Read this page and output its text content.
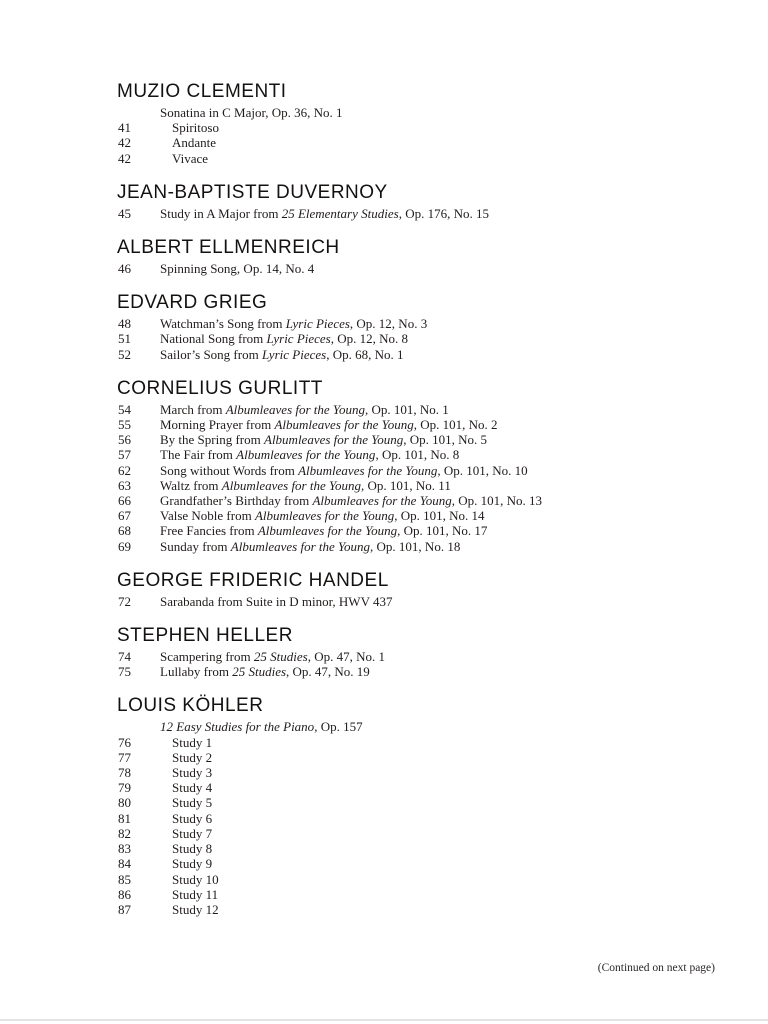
MUZIO CLEMENTI
Sonatina in C Major, Op. 36, No. 1
41	Spiritoso
42	Andante
42	Vivace
JEAN-BAPTISTE DUVERNOY
45	Study in A Major from 25 Elementary Studies, Op. 176, No. 15
ALBERT ELLMENREICH
46	Spinning Song, Op. 14, No. 4
EDVARD GRIEG
48	Watchman’s Song from Lyric Pieces, Op. 12, No. 3
51	National Song from Lyric Pieces, Op. 12, No. 8
52	Sailor’s Song from Lyric Pieces, Op. 68, No. 1
CORNELIUS GURLITT
54	March from Albumleaves for the Young, Op. 101, No. 1
55	Morning Prayer from Albumleaves for the Young, Op. 101, No. 2
56	By the Spring from Albumleaves for the Young, Op. 101, No. 5
57	The Fair from Albumleaves for the Young, Op. 101, No. 8
62	Song without Words from Albumleaves for the Young, Op. 101, No. 10
63	Waltz from Albumleaves for the Young, Op. 101, No. 11
66	Grandfather’s Birthday from Albumleaves for the Young, Op. 101, No. 13
67	Valse Noble from Albumleaves for the Young, Op. 101, No. 14
68	Free Fancies from Albumleaves for the Young, Op. 101, No. 17
69	Sunday from Albumleaves for the Young, Op. 101, No. 18
GEORGE FRIDERIC HANDEL
72	Sarabanda from Suite in D minor, HWV 437
STEPHEN HELLER
74	Scampering from 25 Studies, Op. 47, No. 1
75	Lullaby from 25 Studies, Op. 47, No. 19
LOUIS KÖHLER
12 Easy Studies for the Piano, Op. 157
76	Study 1
77	Study 2
78	Study 3
79	Study 4
80	Study 5
81	Study 6
82	Study 7
83	Study 8
84	Study 9
85	Study 10
86	Study 11
87	Study 12
(Continued on next page)
